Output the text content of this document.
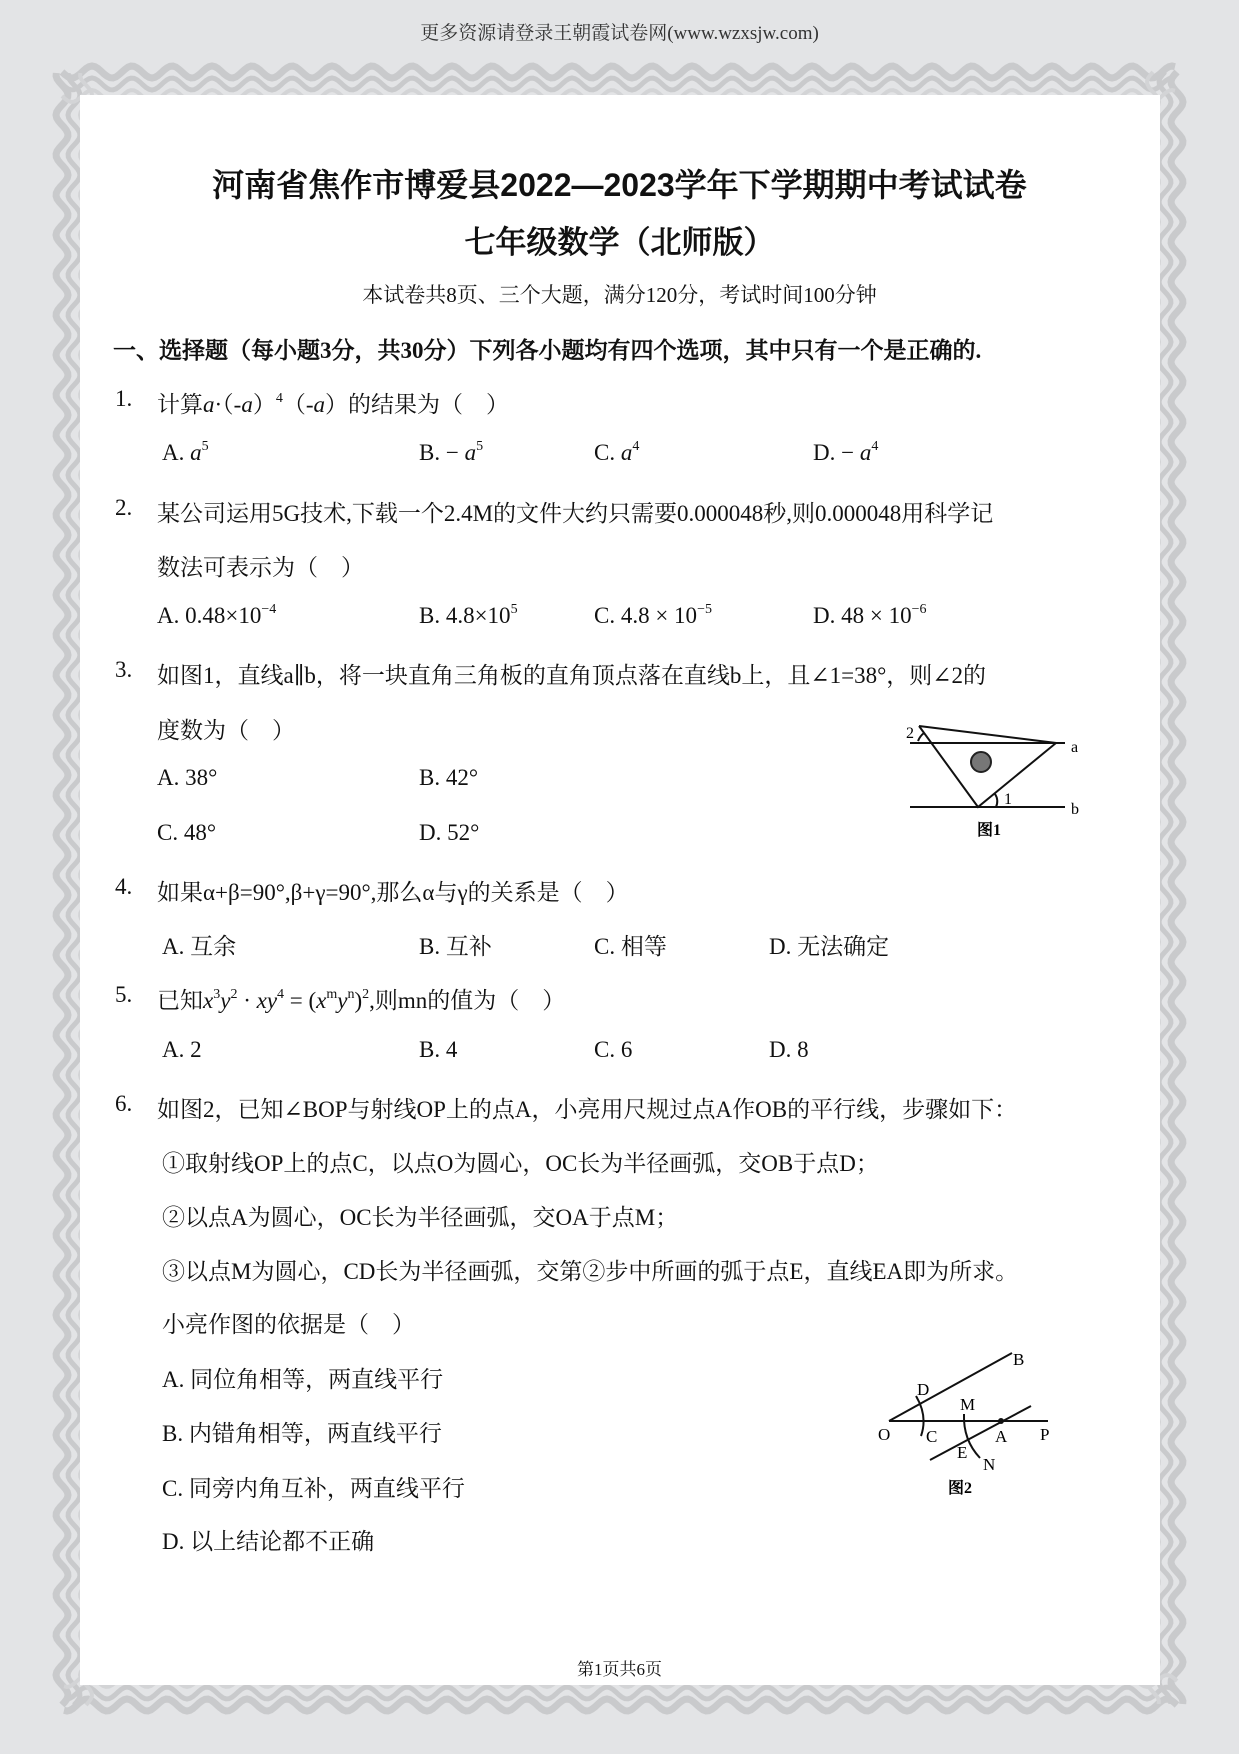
更多资源请登录王朝霞试卷网(www.wzxsjw.com)
河南省焦作市博爱县2022—2023学年下学期期中考试试卷
七年级数学（北师版）
本试卷共8页、三个大题，满分120分，考试时间100分钟
一、选择题（每小题3分，共30分）下列各小题均有四个选项，其中只有一个是正确的.
1. 计算$a\cdot(-a)^4(-a)$的结果为（　）
A. $a^5$	B. − $a^5$	C. $a^4$	D. − $a^4$
2. 某公司运用5G技术,下载一个2.4M的文件大约只需要0.000048秒,则0.000048用科学记
数法可表示为（　）
A. $0.48\times 10^{-4}$	B. $4.8\times 10^5$	C. $4.8 \times 10^{-5}$	D. $48 \times 10^{-6}$
3. 如图1，直线a∥b，将一块直角三角板的直角顶点落在直线b上，且∠1=38°，则∠2的
度数为（　）
A. 38°	B. 42°
C. 48°	D. 52°
2
1
a
b
图1
4. 如果α+β=90°,β+γ=90°,那么α与γ的关系是（　）
A. 互余	B. 互补	C. 相等	D. 无法确定
5. 已知$x^3y^2 \cdot xy^4 = (x^my^n)^2$,则mn的值为（　）
A. 2	B. 4	C. 6	D. 8
6. 如图2，已知∠BOP与射线OP上的点A，小亮用尺规过点A作OB的平行线，步骤如下：
①取射线OP上的点C，以点O为圆心，OC长为半径画弧，交OB于点D；
②以点A为圆心，OC长为半径画弧，交OA于点M；
③以点M为圆心，CD长为半径画弧，交第②步中所画的弧于点E，直线EA即为所求。
小亮作图的依据是（　）
A. 同位角相等，两直线平行
B. 内错角相等，两直线平行
C. 同旁内角互补，两直线平行
D. 以上结论都不正确
O
B
D
C
M
A P
E
N
图2
第1页共6页
